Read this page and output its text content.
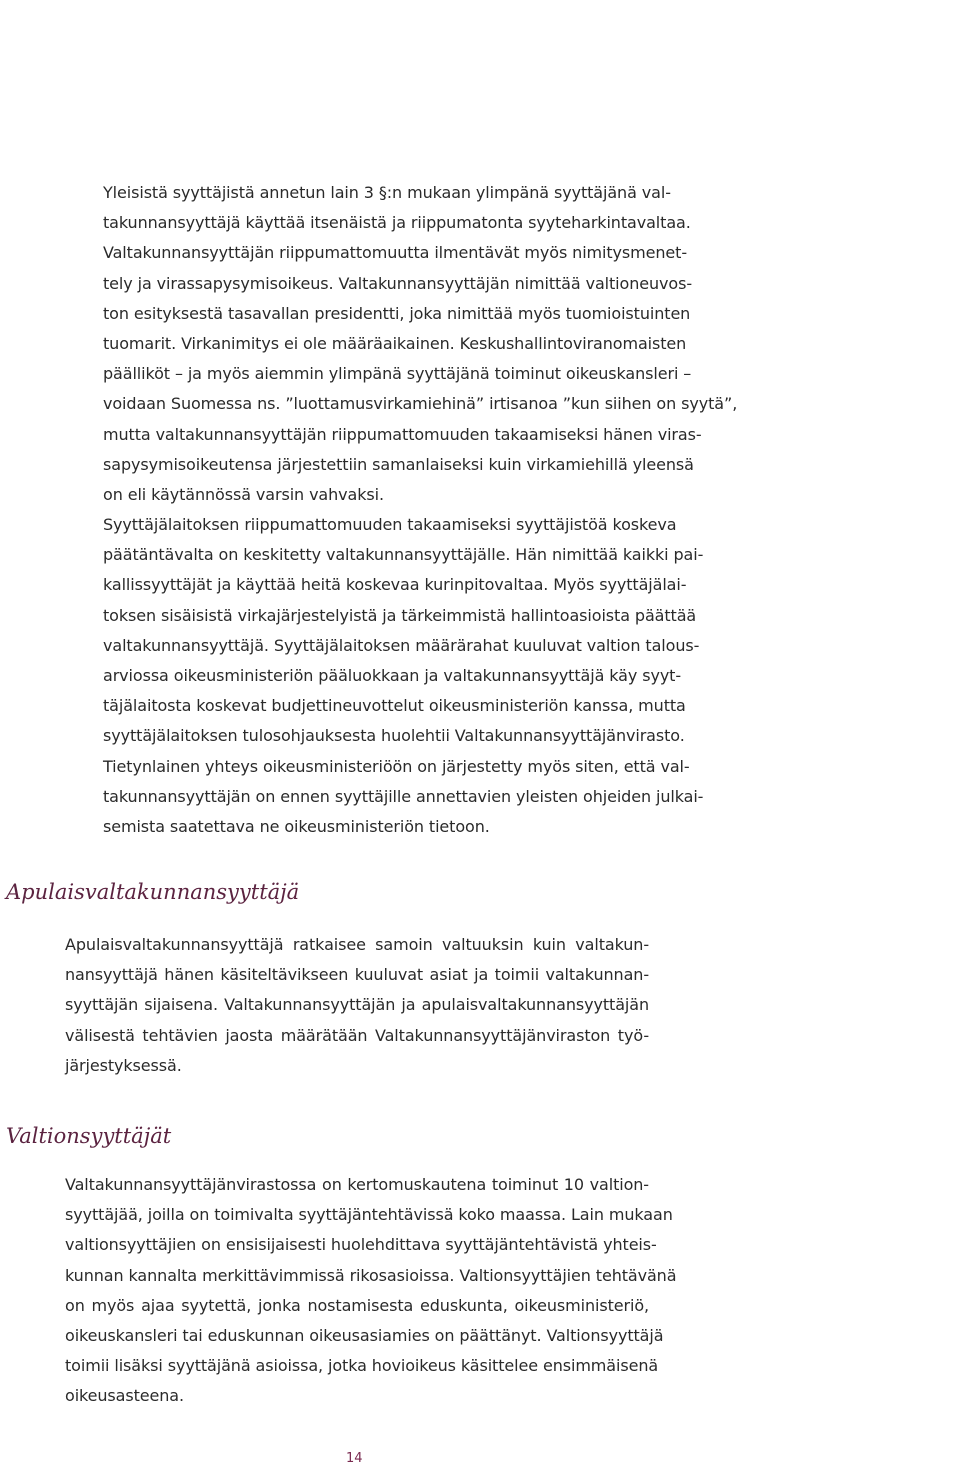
Yleisistä syyttäjistä annetun lain 3 §:n mukaan ylimpänä syyttäjänä val-
takunnansyyttäjä käyttää itsenäistä ja riippumatonta syyteharkintavaltaa.
Valtakunnansyyttäjän riippumattomuutta ilmentävät myös nimitysmenet-
tely ja virassapysymisoikeus. Valtakunnansyyttäjän nimittää valtioneuvos-
ton esityksestä tasavallan presidentti, joka nimittää myös tuomioistuinten
tuomarit. Virkanimitys ei ole määräaikainen. Keskushallintoviranomaisten
päälliköt – ja myös aiemmin ylimpänä syyttäjänä toiminut oikeuskansleri –
voidaan Suomessa ns. ”luottamusvirkamiehinä” irtisanoa ”kun siihen on syytä”,
mutta valtakunnansyyttäjän riippumattomuuden takaamiseksi hänen viras-
sapysymisoikeutensa järjestettiin samanlaiseksi kuin virkamiehillä yleensä
on eli käytännössä varsin vahvaksi.
Syyttäjälaitoksen riippumattomuuden takaamiseksi syyttäjistöä koskeva
päätäntävalta on keskitetty valtakunnansyyttäjälle. Hän nimittää kaikki pai-
kallissyyttäjät ja käyttää heitä koskevaa kurinpitovaltaa. Myös syyttäjälai-
toksen sisäisistä virkajärjestelyistä ja tärkeimmistä hallintoasioista päättää
valtakunnansyyttäjä. Syyttäjälaitoksen määrärahat kuuluvat valtion talous-
arviossa oikeusministeriön pääluokkaan ja valtakunnansyyttäjä käy syyt-
täjälaitosta koskevat budjettineuvottelut oikeusministeriön kanssa, mutta
syyttäjälaitoksen tulosohjauksesta huolehtii Valtakunnansyyttäjänvirasto.
Tietynlainen yhteys oikeusministeriöön on järjestetty myös siten, että val-
takunnansyyttäjän on ennen syyttäjille annettavien yleisten ohjeiden julkai-
semista saatettava ne oikeusministeriön tietoon.
Apulaisvaltakunnansyyttäjä
Apulaisvaltakunnansyyttäjä ratkaisee samoin valtuuksin kuin valtakun-
nansyyttäjä hänen käsiteltävikseen kuuluvat asiat ja toimii valtakunnan-
syyttäjän sijaisena. Valtakunnansyyttäjän ja apulaisvaltakunnansyyttäjän
välisestä tehtävien jaosta määrätään Valtakunnansyyttäjänviraston työ-
järjestyksessä.
Valtionsyyttäjät
Valtakunnansyyttäjänvirastossa on kertomuskautena toiminut 10 valtion-
syyttäjää, joilla on toimivalta syyttäjäntehtävissä koko maassa. Lain mukaan
valtionsyyttäjien on ensisijaisesti huolehdittava syyttäjäntehtävistä yhteis-
kunnan kannalta merkittävimmissä rikosasioissa. Valtionsyyttäjien tehtävänä
on myös ajaa syytettä, jonka nostamisesta eduskunta, oikeusministeriö,
oikeuskansleri tai eduskunnan oikeusasiamies on päättänyt. Valtionsyyttäjä
toimii lisäksi syyttäjänä asioissa, jotka hovioikeus käsittelee ensimmäisenä
oikeusasteena.
14
